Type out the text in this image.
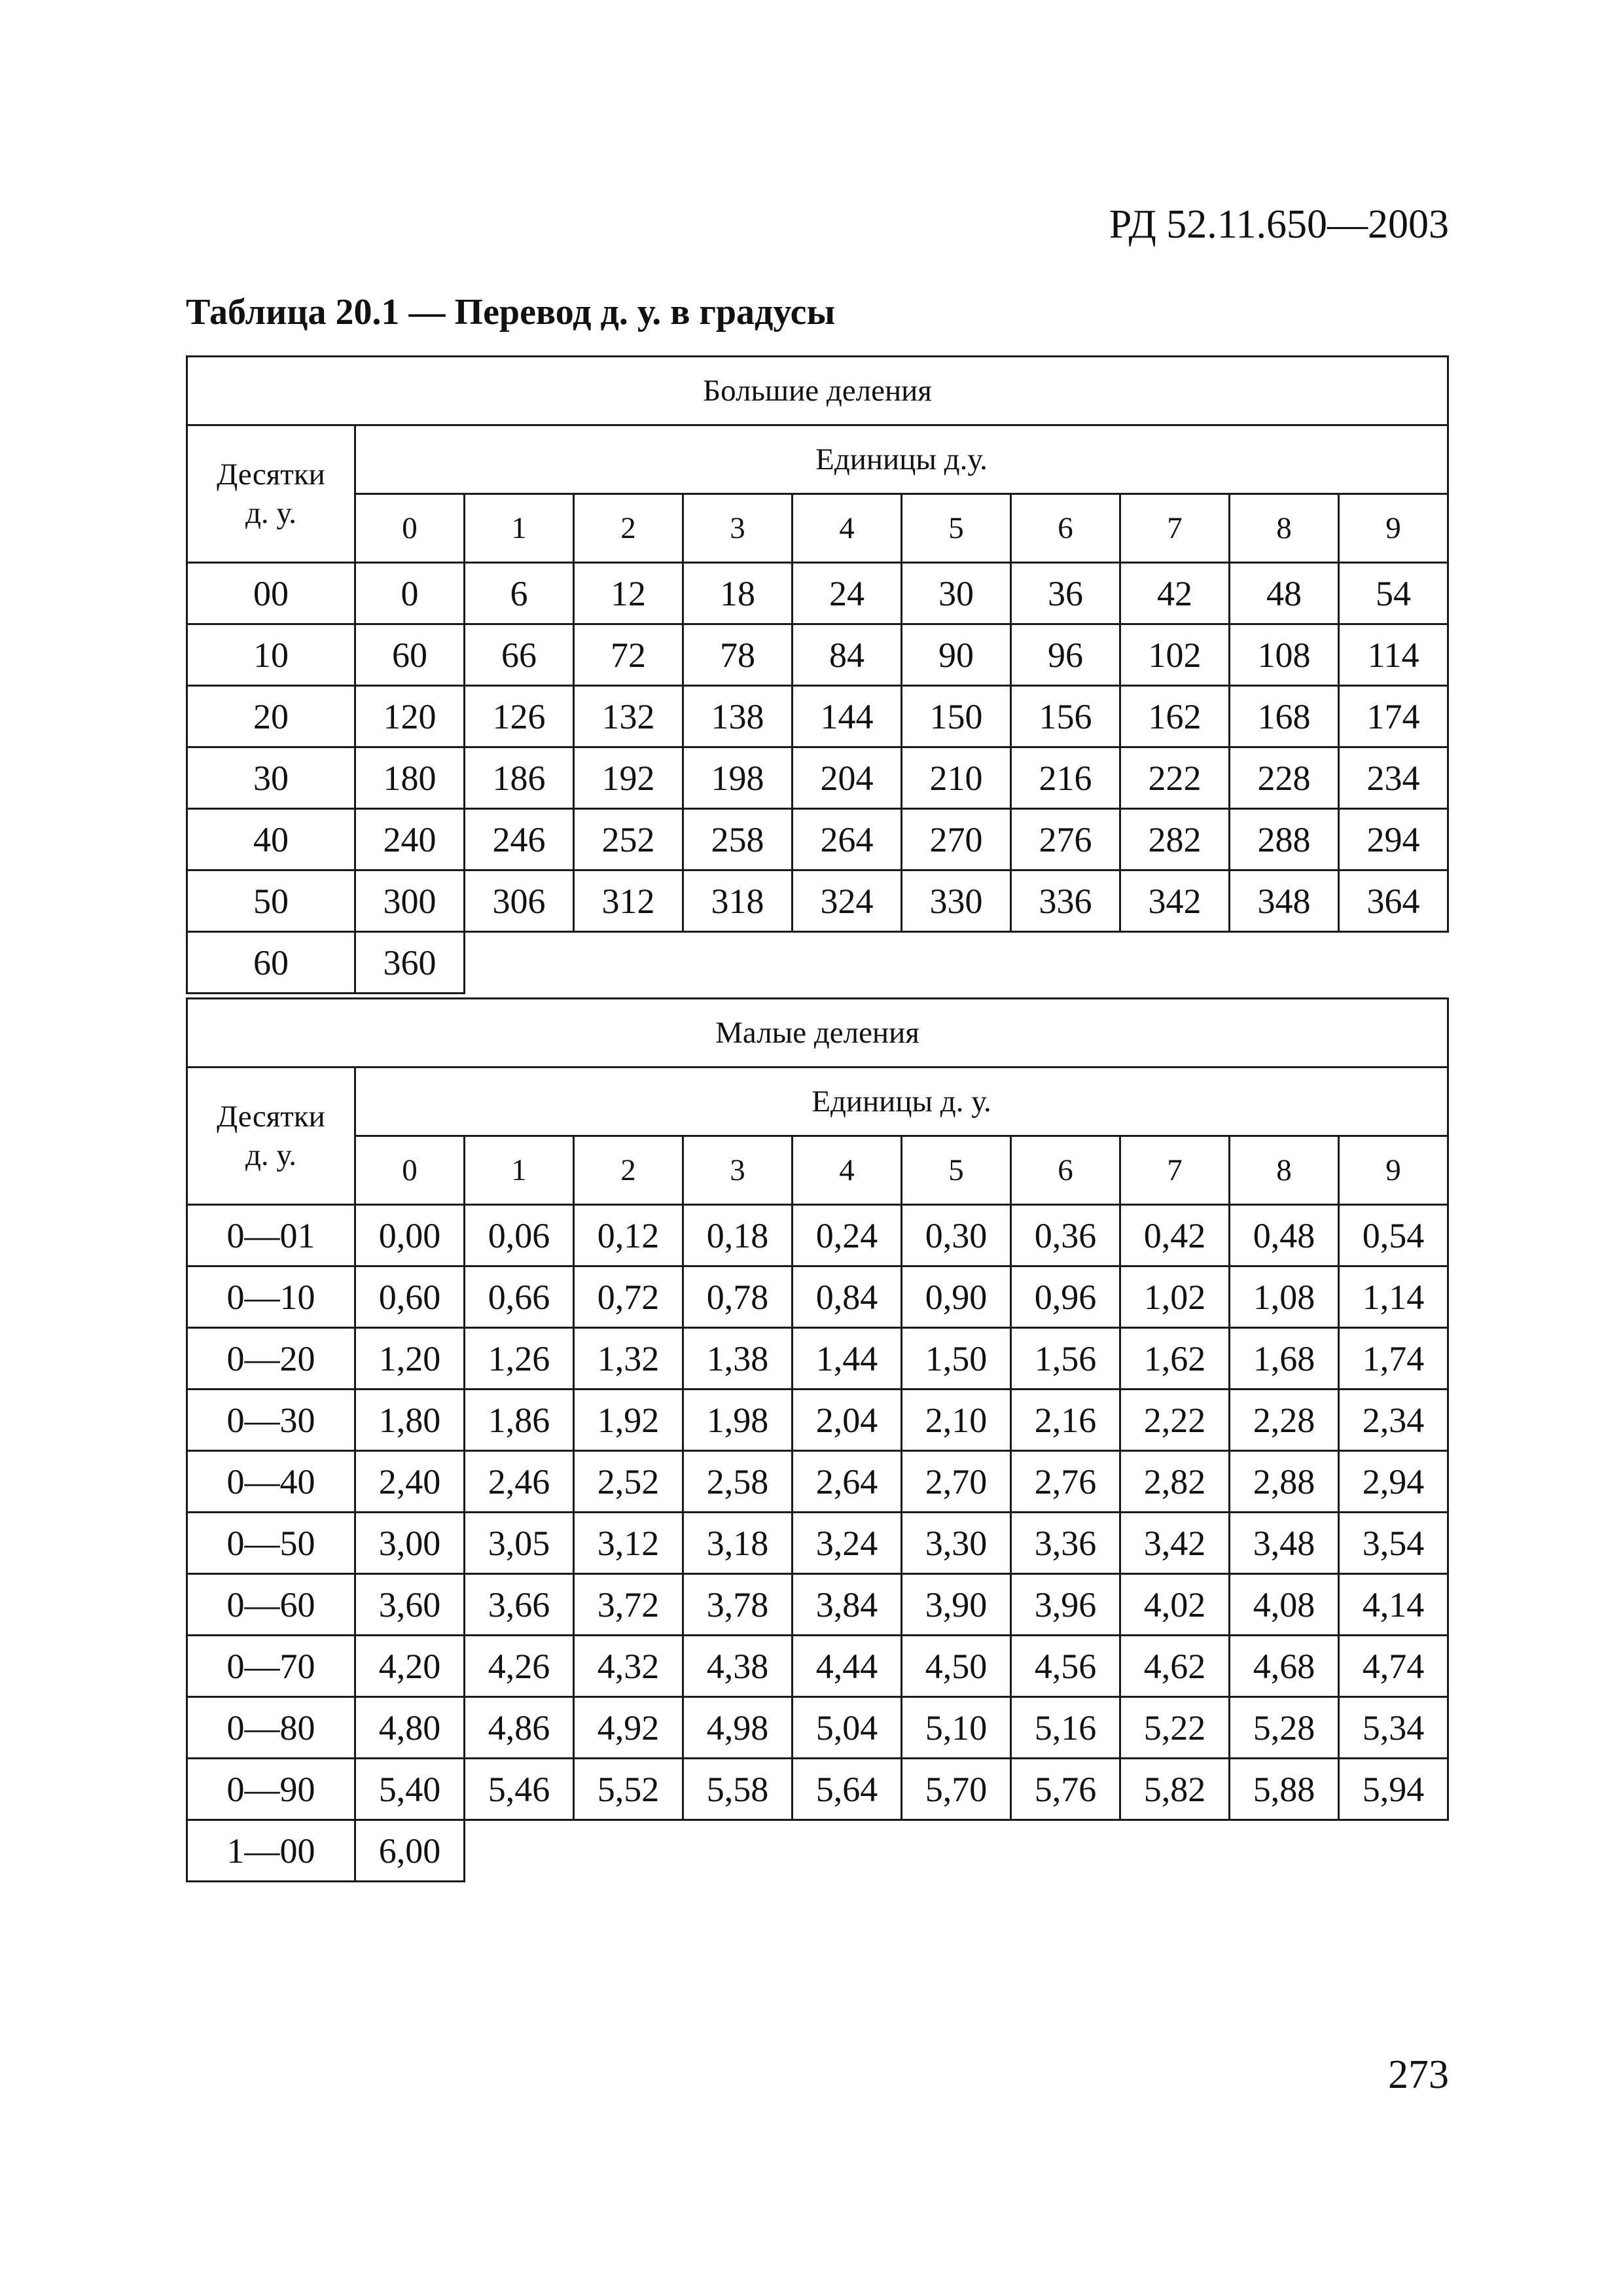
РД 52.11.650—2003
Таблица 20.1 — Перевод д. у. в градусы
Большие деления										

Десятки
д. у.	Единицы д.у.									
	0	1	2	3	4	5	6	7	8	9
00	0	6	12	18	24	30	36	42	48	54
10	60	66	72	78	84	90	96	102	108	114
20	120	126	132	138	144	150	156	162	168	174
30	180	186	192	198	204	210	216	222	228	234
40	240	246	252	258	264	270	276	282	288	294
50	300	306	312	318	324	330	336	342	348	364
60	360									
Малые деления										

Десятки
д. у.	Единицы д. у.									
	0	1	2	3	4	5	6	7	8	9
0—01	0,00	0,06	0,12	0,18	0,24	0,30	0,36	0,42	0,48	0,54
0—10	0,60	0,66	0,72	0,78	0,84	0,90	0,96	1,02	1,08	1,14
0—20	1,20	1,26	1,32	1,38	1,44	1,50	1,56	1,62	1,68	1,74
0—30	1,80	1,86	1,92	1,98	2,04	2,10	2,16	2,22	2,28	2,34
0—40	2,40	2,46	2,52	2,58	2,64	2,70	2,76	2,82	2,88	2,94
0—50	3,00	3,05	3,12	3,18	3,24	3,30	3,36	3,42	3,48	3,54
0—60	3,60	3,66	3,72	3,78	3,84	3,90	3,96	4,02	4,08	4,14
0—70	4,20	4,26	4,32	4,38	4,44	4,50	4,56	4,62	4,68	4,74
0—80	4,80	4,86	4,92	4,98	5,04	5,10	5,16	5,22	5,28	5,34
0—90	5,40	5,46	5,52	5,58	5,64	5,70	5,76	5,82	5,88	5,94
1—00	6,00									
273
